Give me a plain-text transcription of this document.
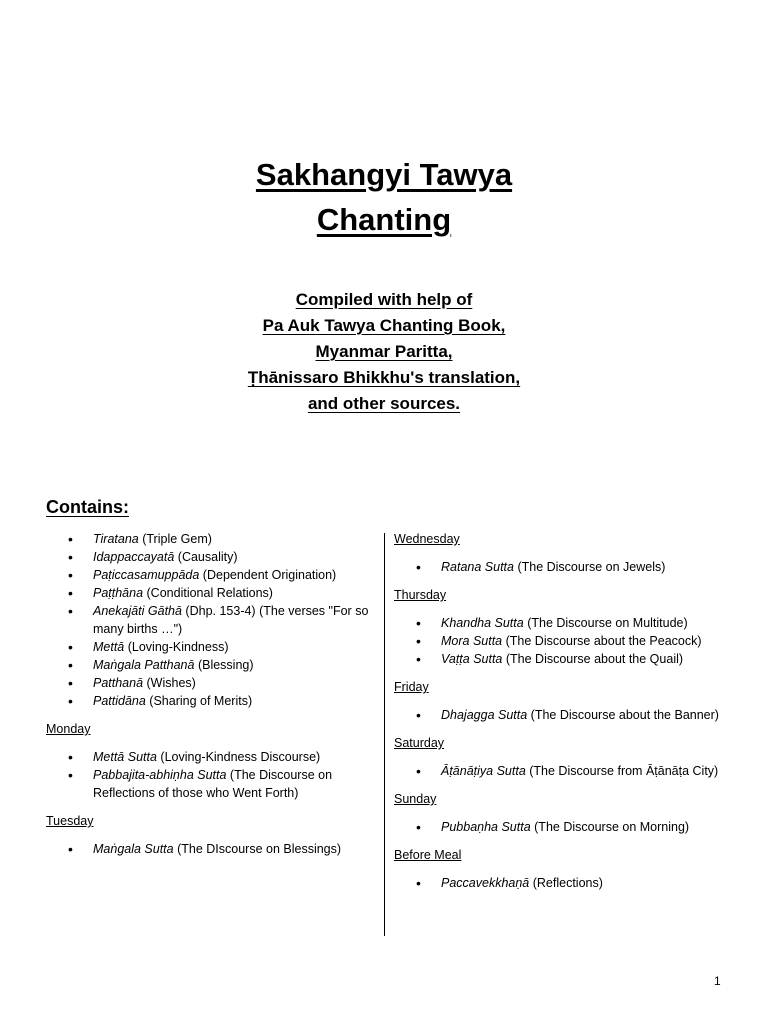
Sakhangyi Tawya
Chanting
Compiled with help of
Pa Auk Tawya Chanting Book,
Myanmar Paritta,
Ṭhānissaro Bhikkhu's translation,
and other sources.
Contains:
• Tiratana (Triple Gem)
• Idappaccayatā (Causality)
• Paṭiccasamuppāda (Dependent Origination)
• Paṭṭhāna (Conditional Relations)
• Anekajāti Gāthā (Dhp. 153-4) (The verses "For so many births …")
• Mettā (Loving-Kindness)
• Maṅgala Patthanā (Blessing)
• Patthanā (Wishes)
• Pattidāna (Sharing of Merits)

Monday

• Mettā Sutta (Loving-Kindness Discourse)
• Pabbajita-abhiṇha Sutta (The Discourse on Reflections of those who Went Forth)

Tuesday

• Maṅgala Sutta (The DIscourse on Blessings)

Wednesday

• Ratana Sutta (The Discourse on Jewels)

Thursday

• Khandha Sutta (The Discourse on Multitude)
• Mora Sutta (The Discourse about the Peacock)
• Vaṭṭa Sutta (The Discourse about the Quail)

Friday

• Dhajagga Sutta (The Discourse about the Banner)

Saturday

• Āṭānāṭiya Sutta (The Discourse from Āṭānāṭa City)

Sunday

• Pubbaṇha Sutta (The Discourse on Morning)

Before Meal

• Paccavekkhaṇā (Reflections)
1
